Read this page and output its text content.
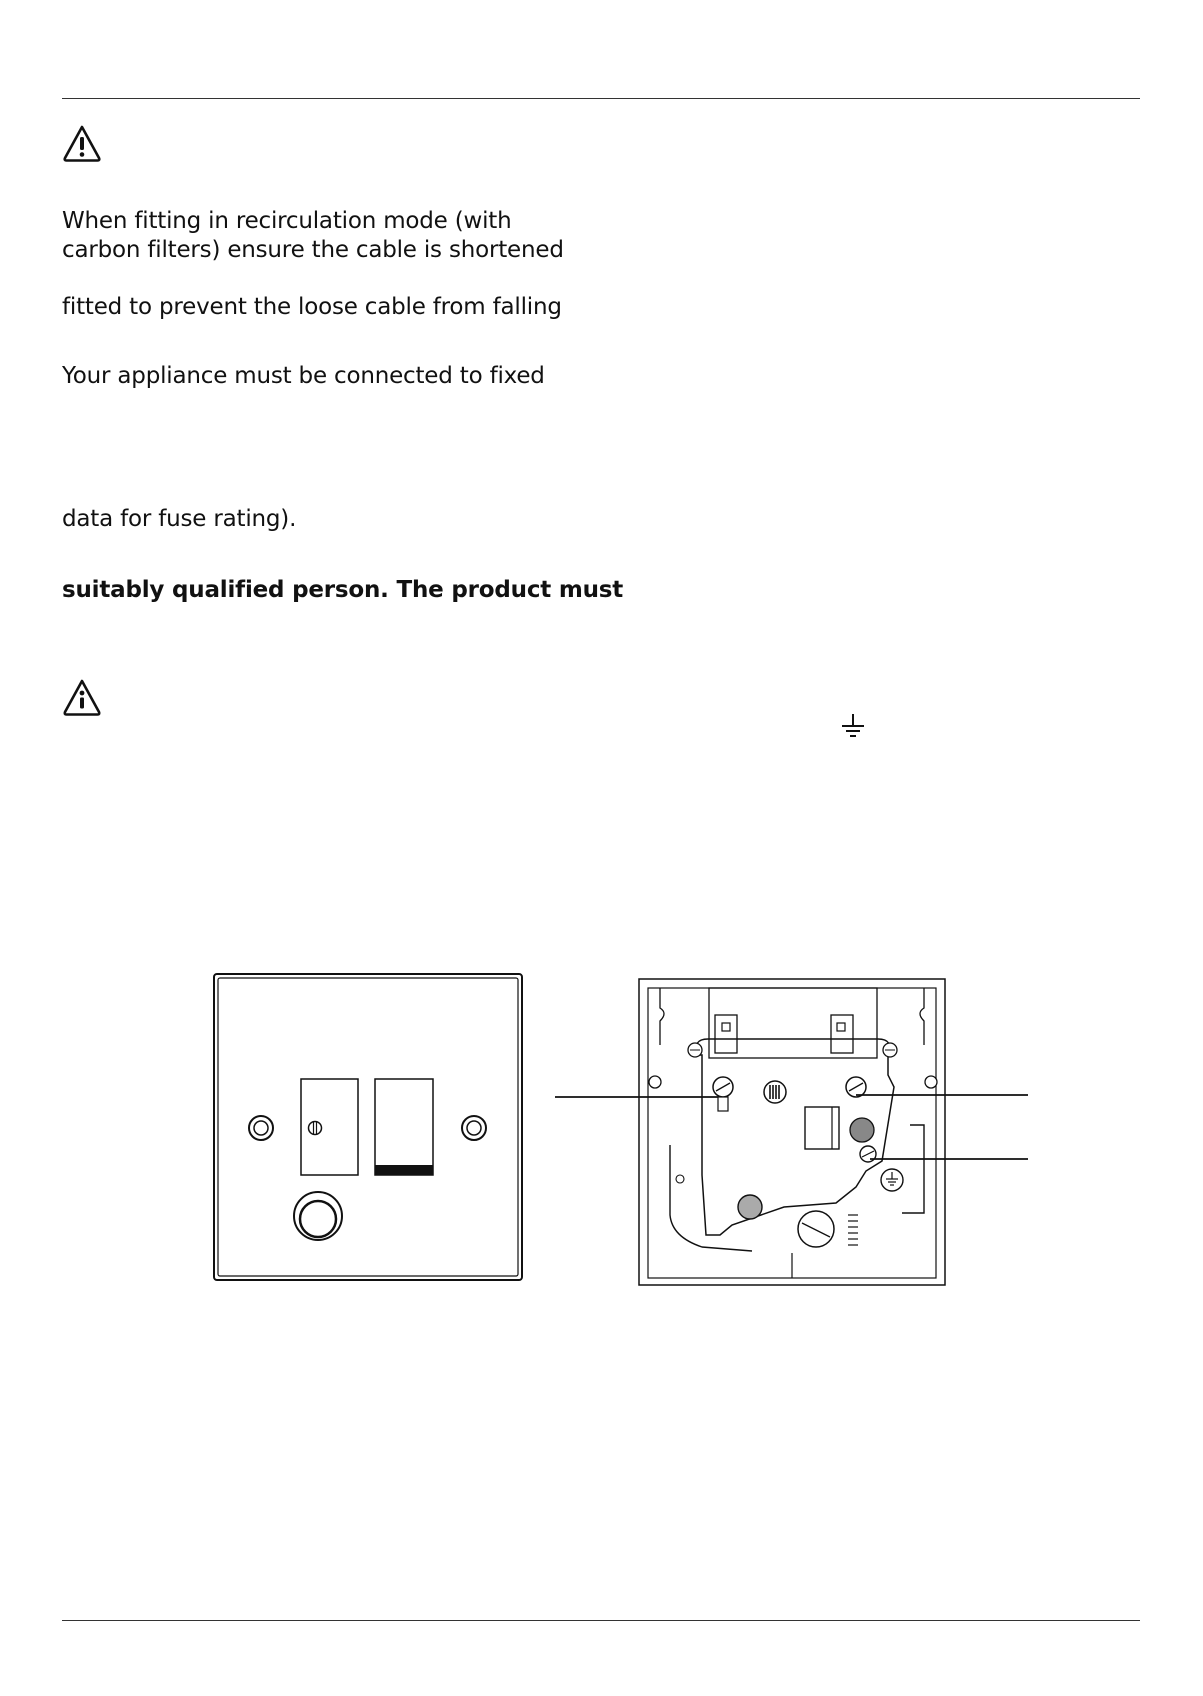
When fitting in recirculation mode (with
carbon filters) ensure the cable is shortened
fitted to prevent the loose cable from falling
Your appliance must be connected to fixed
data for fuse rating).
suitably qualified person. The product must
